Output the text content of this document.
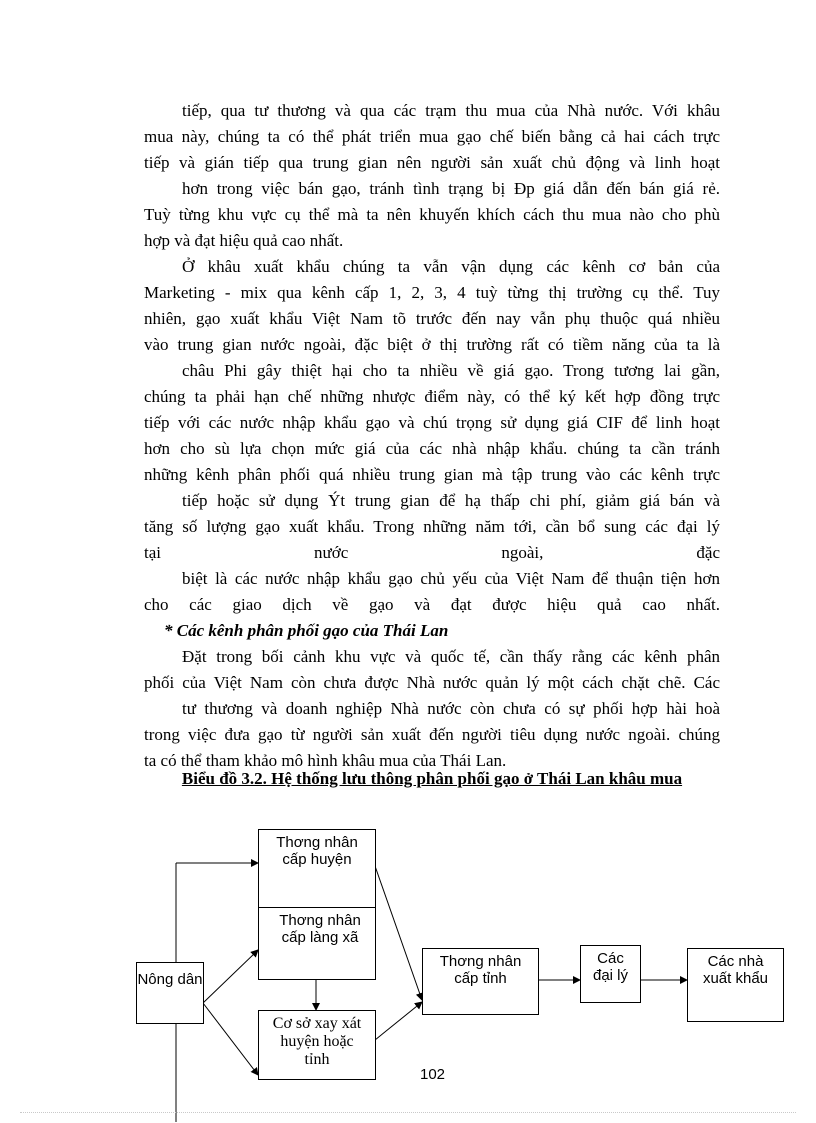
tiếp, qua tư thương và qua các trạm thu mua của Nhà nước. Với khâu
mua này, chúng ta có thể phát triển mua gạo chế biến bằng cả hai cách trực
tiếp và gián tiếp qua trung gian nên người sản xuất chủ động và linh hoạt
hơn trong việc bán gạo, tránh tình trạng bị Ðp giá dẫn đến bán giá rẻ.
Tuỳ từng khu vực cụ thể mà ta nên khuyến khích cách thu mua nào cho phù
hợp và đạt hiệu quả cao nhất.
Ở khâu xuất khẩu chúng ta vẫn vận dụng các kênh cơ bản của
Marketing - mix qua kênh cấp 1, 2, 3, 4 tuỳ từng thị trường cụ thể. Tuy
nhiên, gạo xuất khẩu Việt Nam tõ trước đến nay vẫn phụ thuộc quá nhiều
vào trung gian nước ngoài, đặc biệt ở thị trường rất có tiềm năng của ta là
châu Phi gây thiệt hại cho ta nhiều về giá gạo. Trong tương lai gần,
chúng ta phải hạn chế những nhược điểm này, có thể ký kết hợp đồng trực
tiếp với các nước nhập khẩu gạo và chú trọng sử dụng giá CIF để linh hoạt
hơn cho sù lựa chọn mức giá của các nhà nhập khẩu. chúng ta cần tránh
những kênh phân phối quá nhiều trung gian mà tập trung vào các kênh trực
tiếp hoặc sử dụng Ýt trung gian để hạ thấp chi phí, giảm giá bán và
tăng số lượng gạo xuất khẩu. Trong những năm tới, cần bổ sung các đại lý
tại nước ngoài, đặc
biệt là các nước nhập khẩu gạo chủ yếu của Việt Nam để thuận tiện hơn
cho các giao dịch về gạo và đạt được hiệu quả cao nhất.
* Các kênh phân phối gạo của Thái Lan
Đặt trong bối cảnh khu vực và quốc tế, cần thấy rằng các kênh phân
phối của Việt Nam còn chưa được Nhà nước quản lý một cách chặt chẽ. Các
tư thương và doanh nghiệp Nhà nước còn chưa có sự phối hợp hài hoà
trong việc đưa gạo từ người sản xuất đến người tiêu dụng nước ngoài. chúng
ta có thể tham khảo mô hình khâu mua của Thái Lan.
Biểu đồ 3.2. Hệ thống lưu thông phân phối gạo ở Thái Lan khâu mua
Nông dân
Thơng nhân cấp huyện
Thơng nhân cấp làng xã
Cơ sở xay xát huyện hoặc tỉnh
Thơng nhân cấp tỉnh
Các đại lý
Các nhà xuất khẩu
102
